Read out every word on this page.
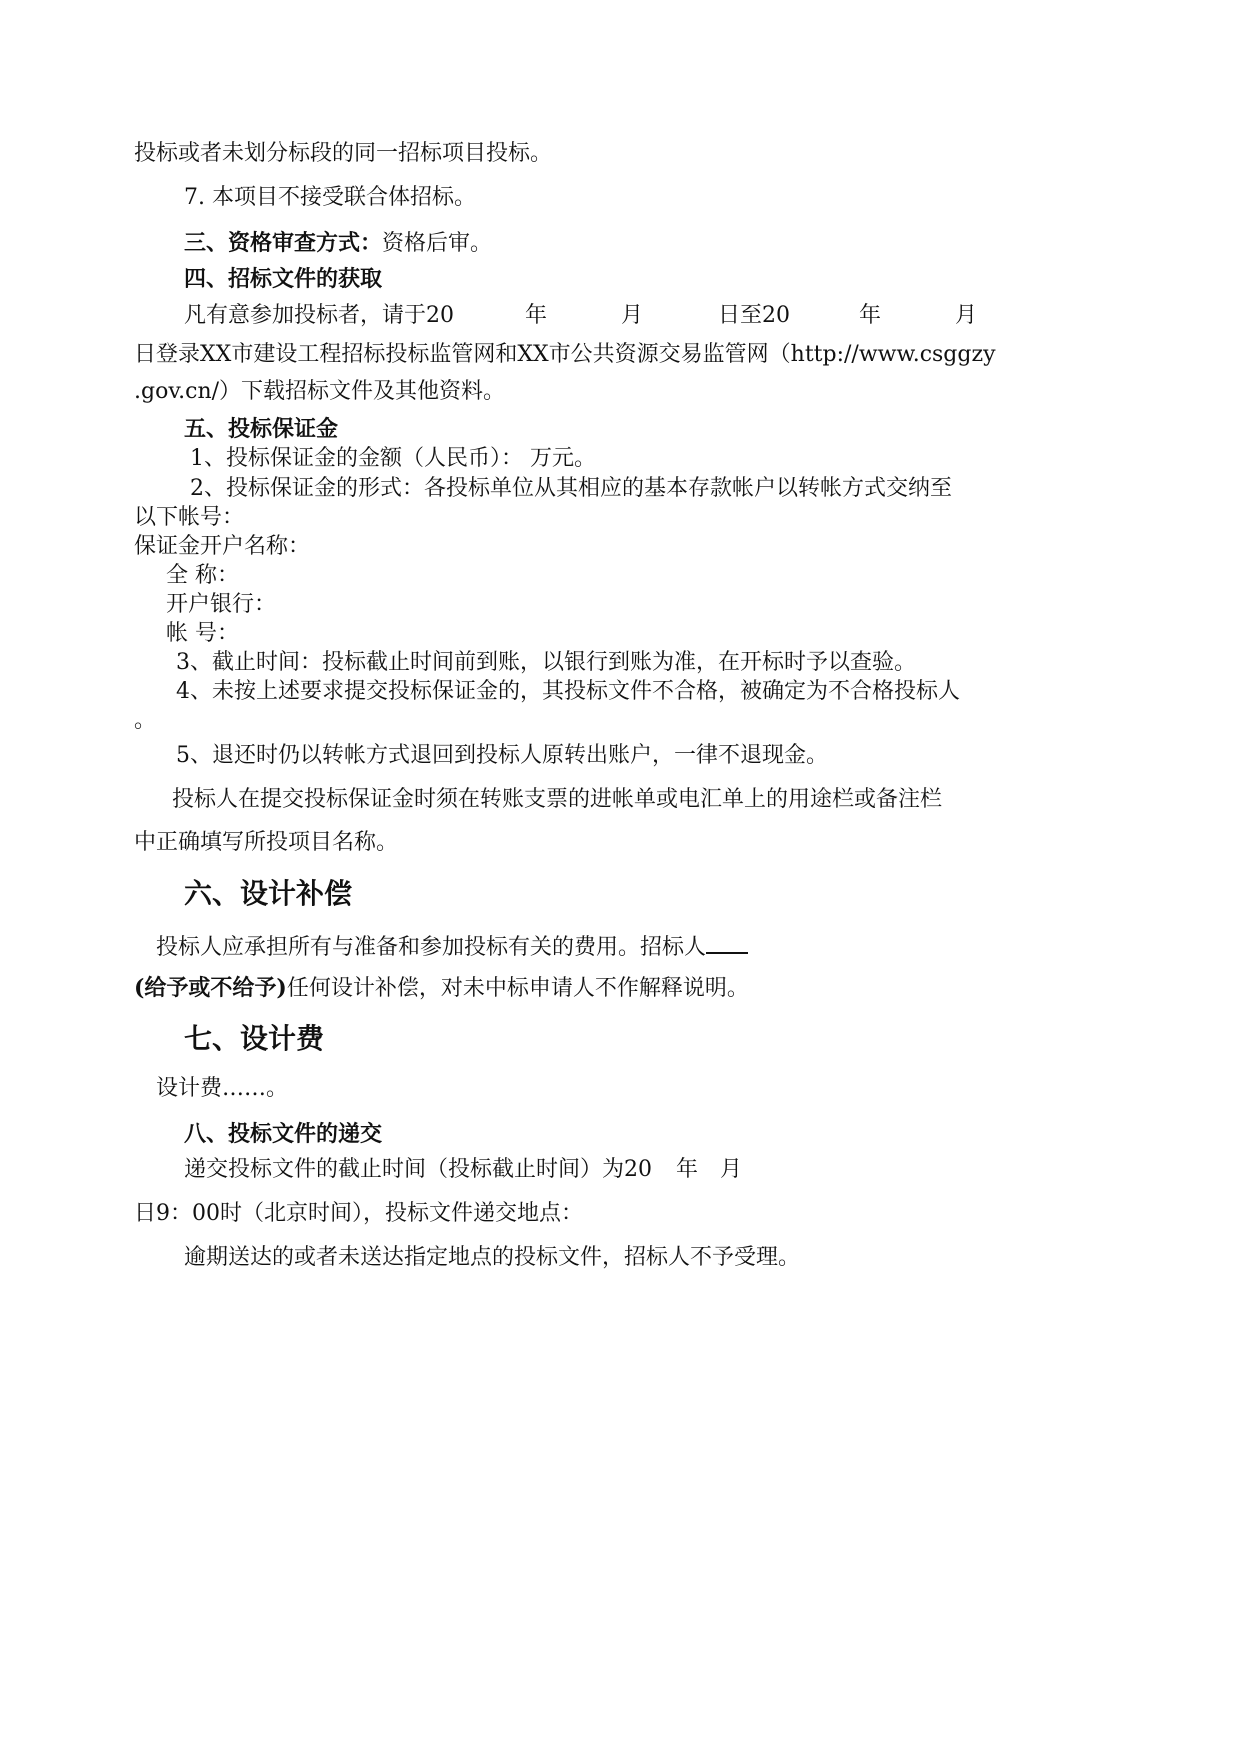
投标或者未划分标段的同一招标项目投标。
7. 本项目不接受联合体招标。
三、资格审查方式：资格后审。
四、招标文件的获取
凡有意参加投标者，请于20	年	月	日至20	年	月
日登录XX市建设工程招标投标监管网和XX市公共资源交易监管网（http://www.csggzy
.gov.cn/）下载招标文件及其他资料。
五、投标保证金
1、投标保证金的金额（人民币）： 万元。
2、投标保证金的形式：各投标单位从其相应的基本存款帐户以转帐方式交纳至
以下帐号：
保证金开户名称：
全 称：
开户银行：
帐 号：
3、截止时间：投标截止时间前到账，以银行到账为准，在开标时予以查验。
4、未按上述要求提交投标保证金的，其投标文件不合格，被确定为不合格投标人
。
5、退还时仍以转帐方式退回到投标人原转出账户，一律不退现金。
投标人在提交投标保证金时须在转账支票的进帐单或电汇单上的用途栏或备注栏
中正确填写所投项目名称。
六、设计补偿
投标人应承担所有与准备和参加投标有关的费用。招标人
(给予或不给予)任何设计补偿，对未中标申请人不作解释说明。
七、设计费
设计费……。
八、投标文件的递交
递交投标文件的截止时间（投标截止时间）为20 年 月
日9：00时（北京时间），投标文件递交地点：
逾期送达的或者未送达指定地点的投标文件，招标人不予受理。
